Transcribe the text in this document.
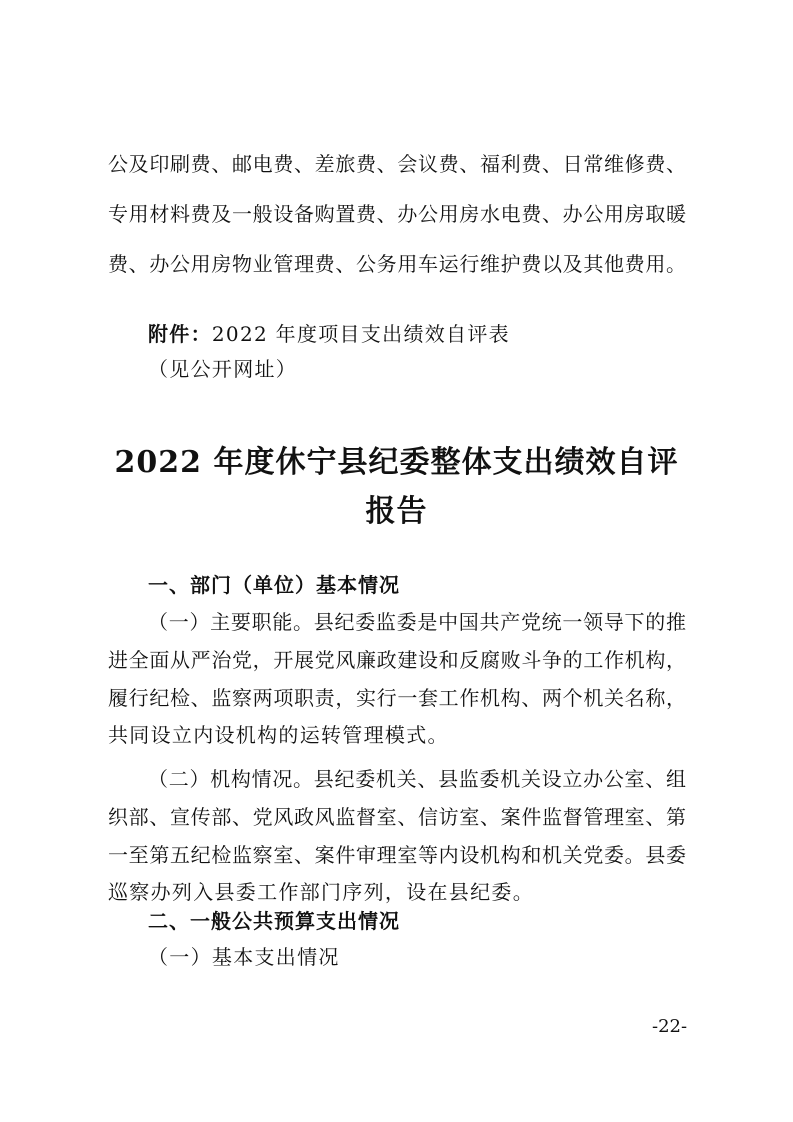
公及印刷费、邮电费、差旅费、会议费、福利费、日常维修费、
专用材料费及一般设备购置费、办公用房水电费、办公用房取暖
费、办公用房物业管理费、公务用车运行维护费以及其他费用。
附件：2022 年度项目支出绩效自评表
（见公开网址）
2022 年度休宁县纪委整体支出绩效自评
报告
一、部门（单位）基本情况
（一）主要职能。县纪委监委是中国共产党统一领导下的推
进全面从严治党，开展党风廉政建设和反腐败斗争的工作机构，
履行纪检、监察两项职责，实行一套工作机构、两个机关名称，
共同设立内设机构的运转管理模式。
（二）机构情况。县纪委机关、县监委机关设立办公室、组
织部、宣传部、党风政风监督室、信访室、案件监督管理室、第
一至第五纪检监察室、案件审理室等内设机构和机关党委。县委
巡察办列入县委工作部门序列，设在县纪委。
二、一般公共预算支出情况
（一）基本支出情况
-22-
